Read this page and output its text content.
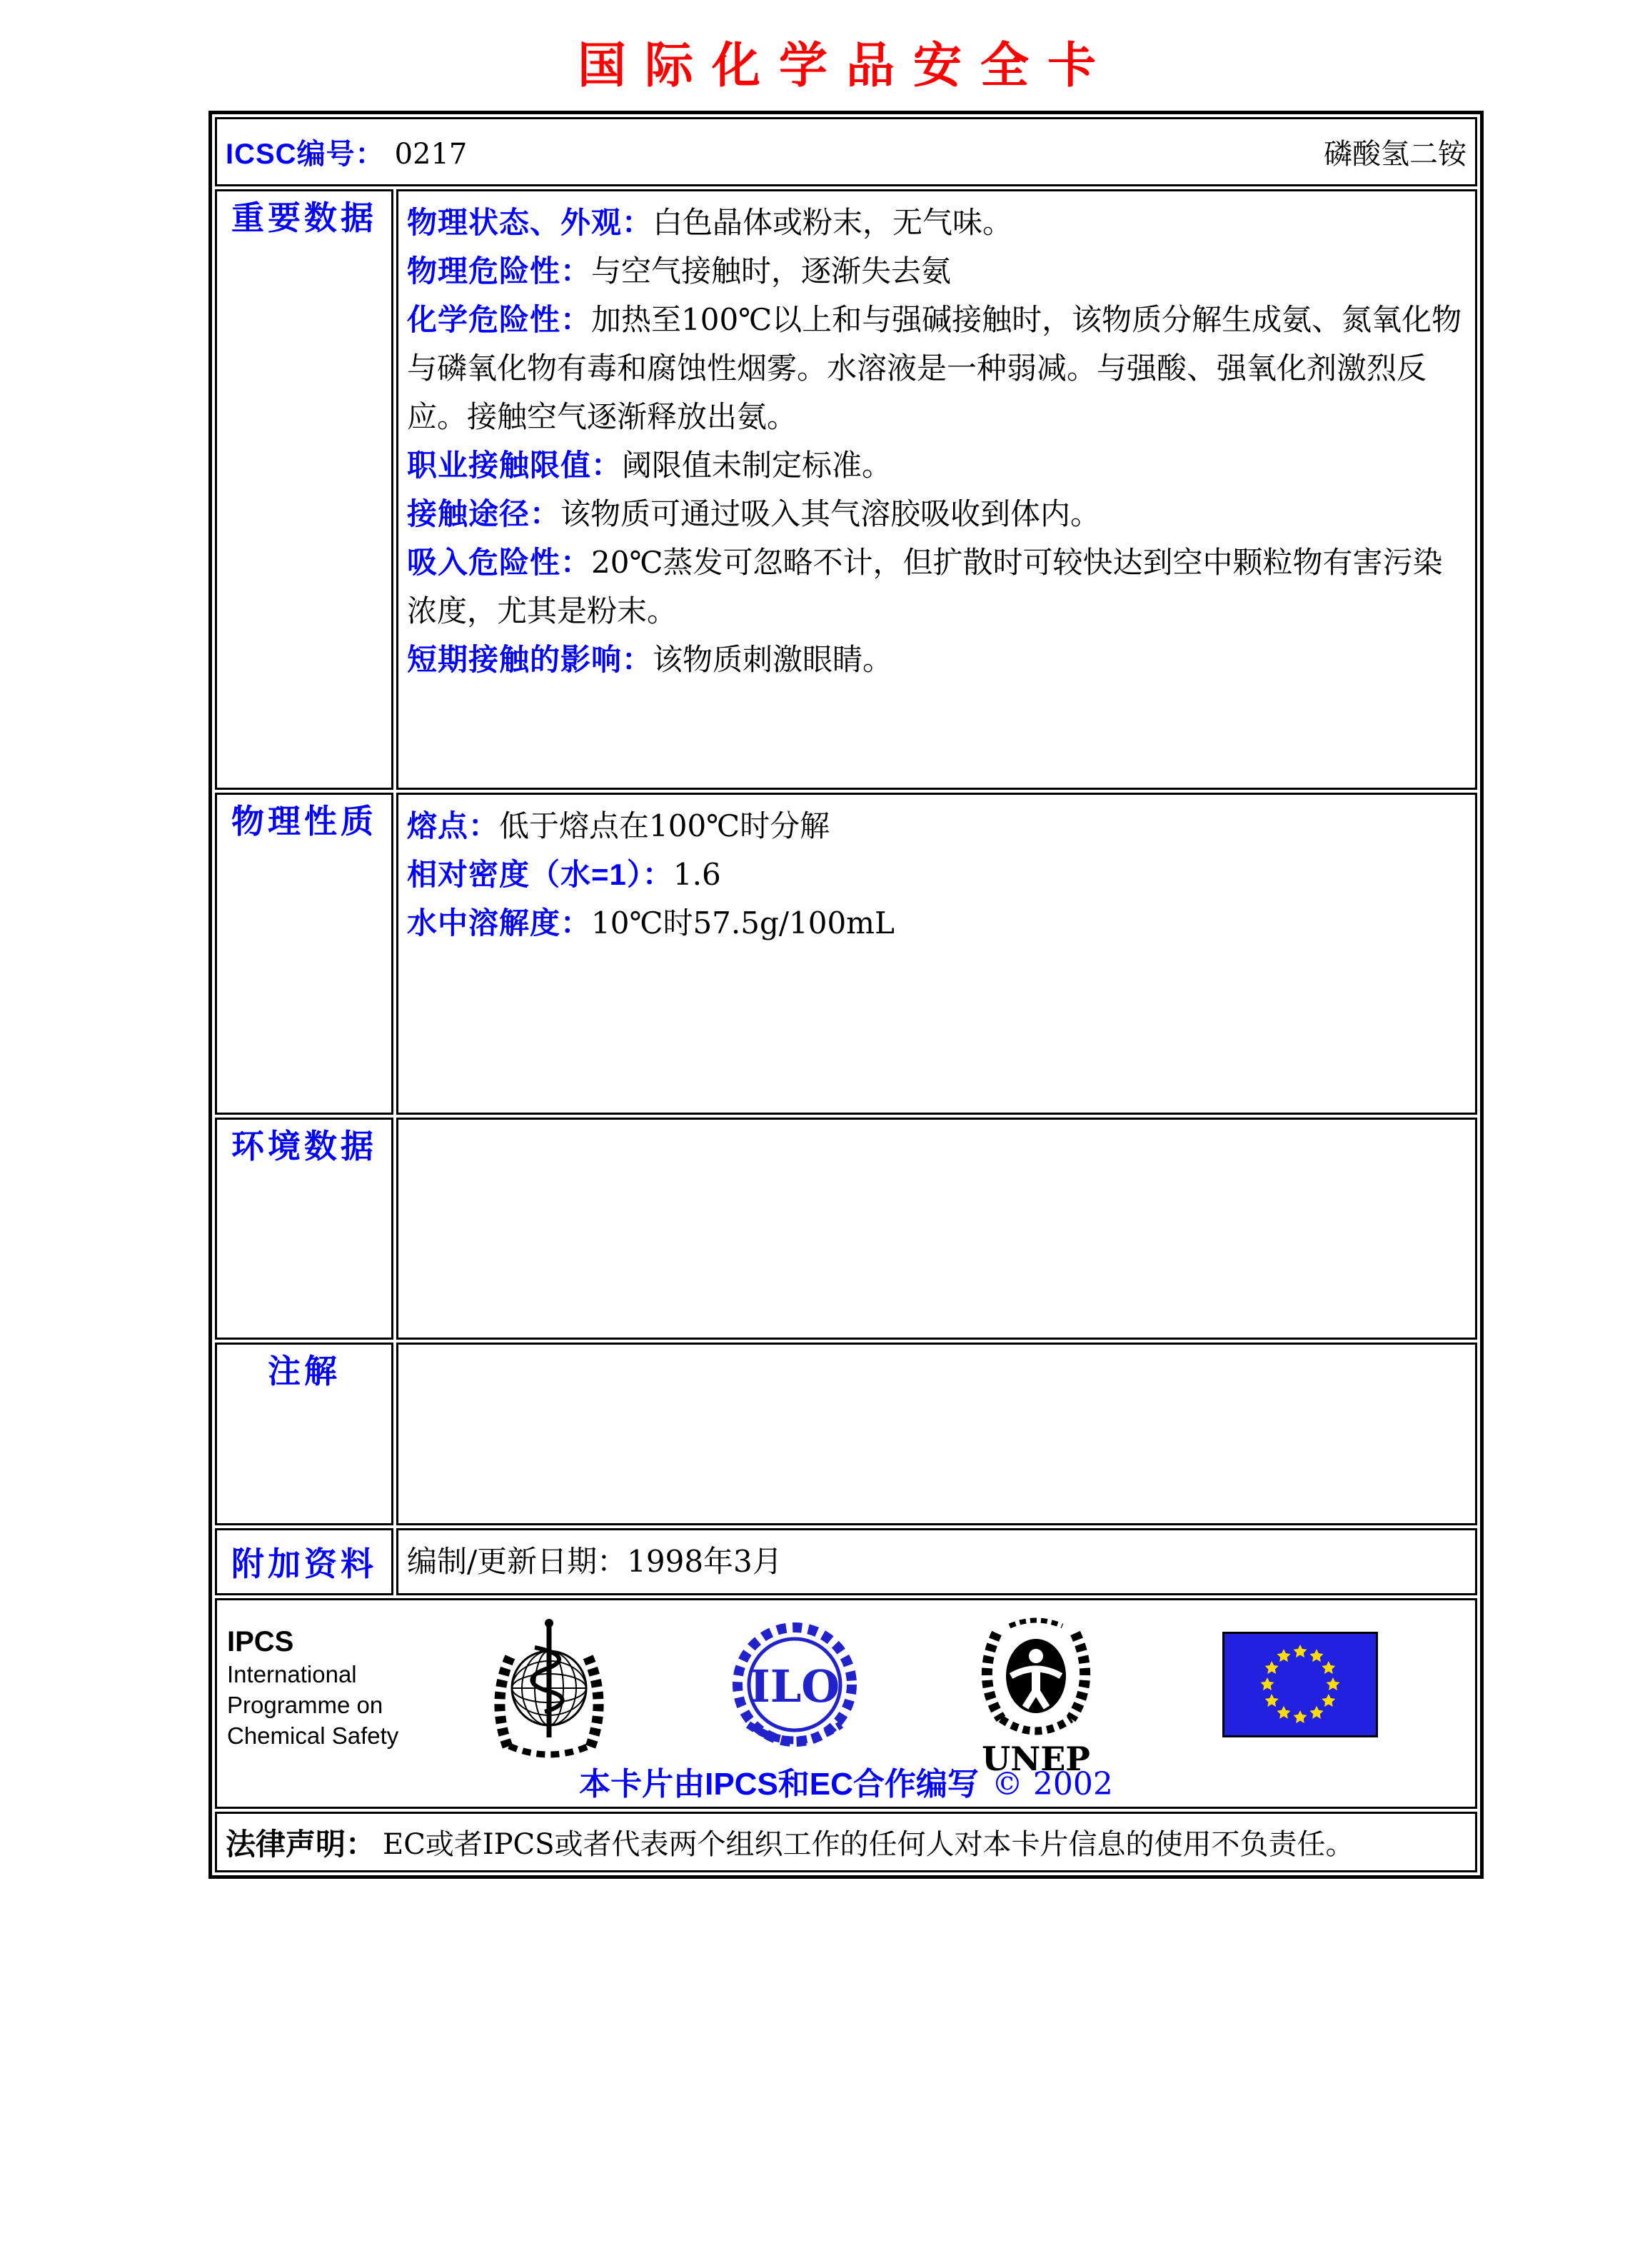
国际化学品安全卡
ICSC编号： 0217 磷酸氢二铵	

重要数据	物理状态、外观：白色晶体或粉末，无气味。
物理危险性：与空气接触时，逐渐失去氨
化学危险性：加热至100℃以上和与强碱接触时，该物质分解生成氨、氮氧化物与磷氧化物有毒和腐蚀性烟雾。水溶液是一种弱减。与强酸、强氧化剂激烈反应。接触空气逐渐释放出氨。
职业接触限值：阈限值未制定标准。
接触途径：该物质可通过吸入其气溶胶吸收到体内。
吸入危险性：20℃蒸发可忽略不计，但扩散时可较快达到空中颗粒物有害污染浓度，尤其是粉末。
短期接触的影响：该物质刺激眼睛。
物理性质	熔点：低于熔点在100℃时分解
相对密度（水=1）：1.6
水中溶解度：10℃时57.5g/100mL
环境数据	
注解	
附加资料	编制/更新日期：1998年3月

IPCS
International
Programme on
Chemical Safety
ILO
UNEP
本卡片由IPCS和EC合作编写 © 2002

法律声明： EC或者IPCS或者代表两个组织工作的任何人对本卡片信息的使用不负责任。	
